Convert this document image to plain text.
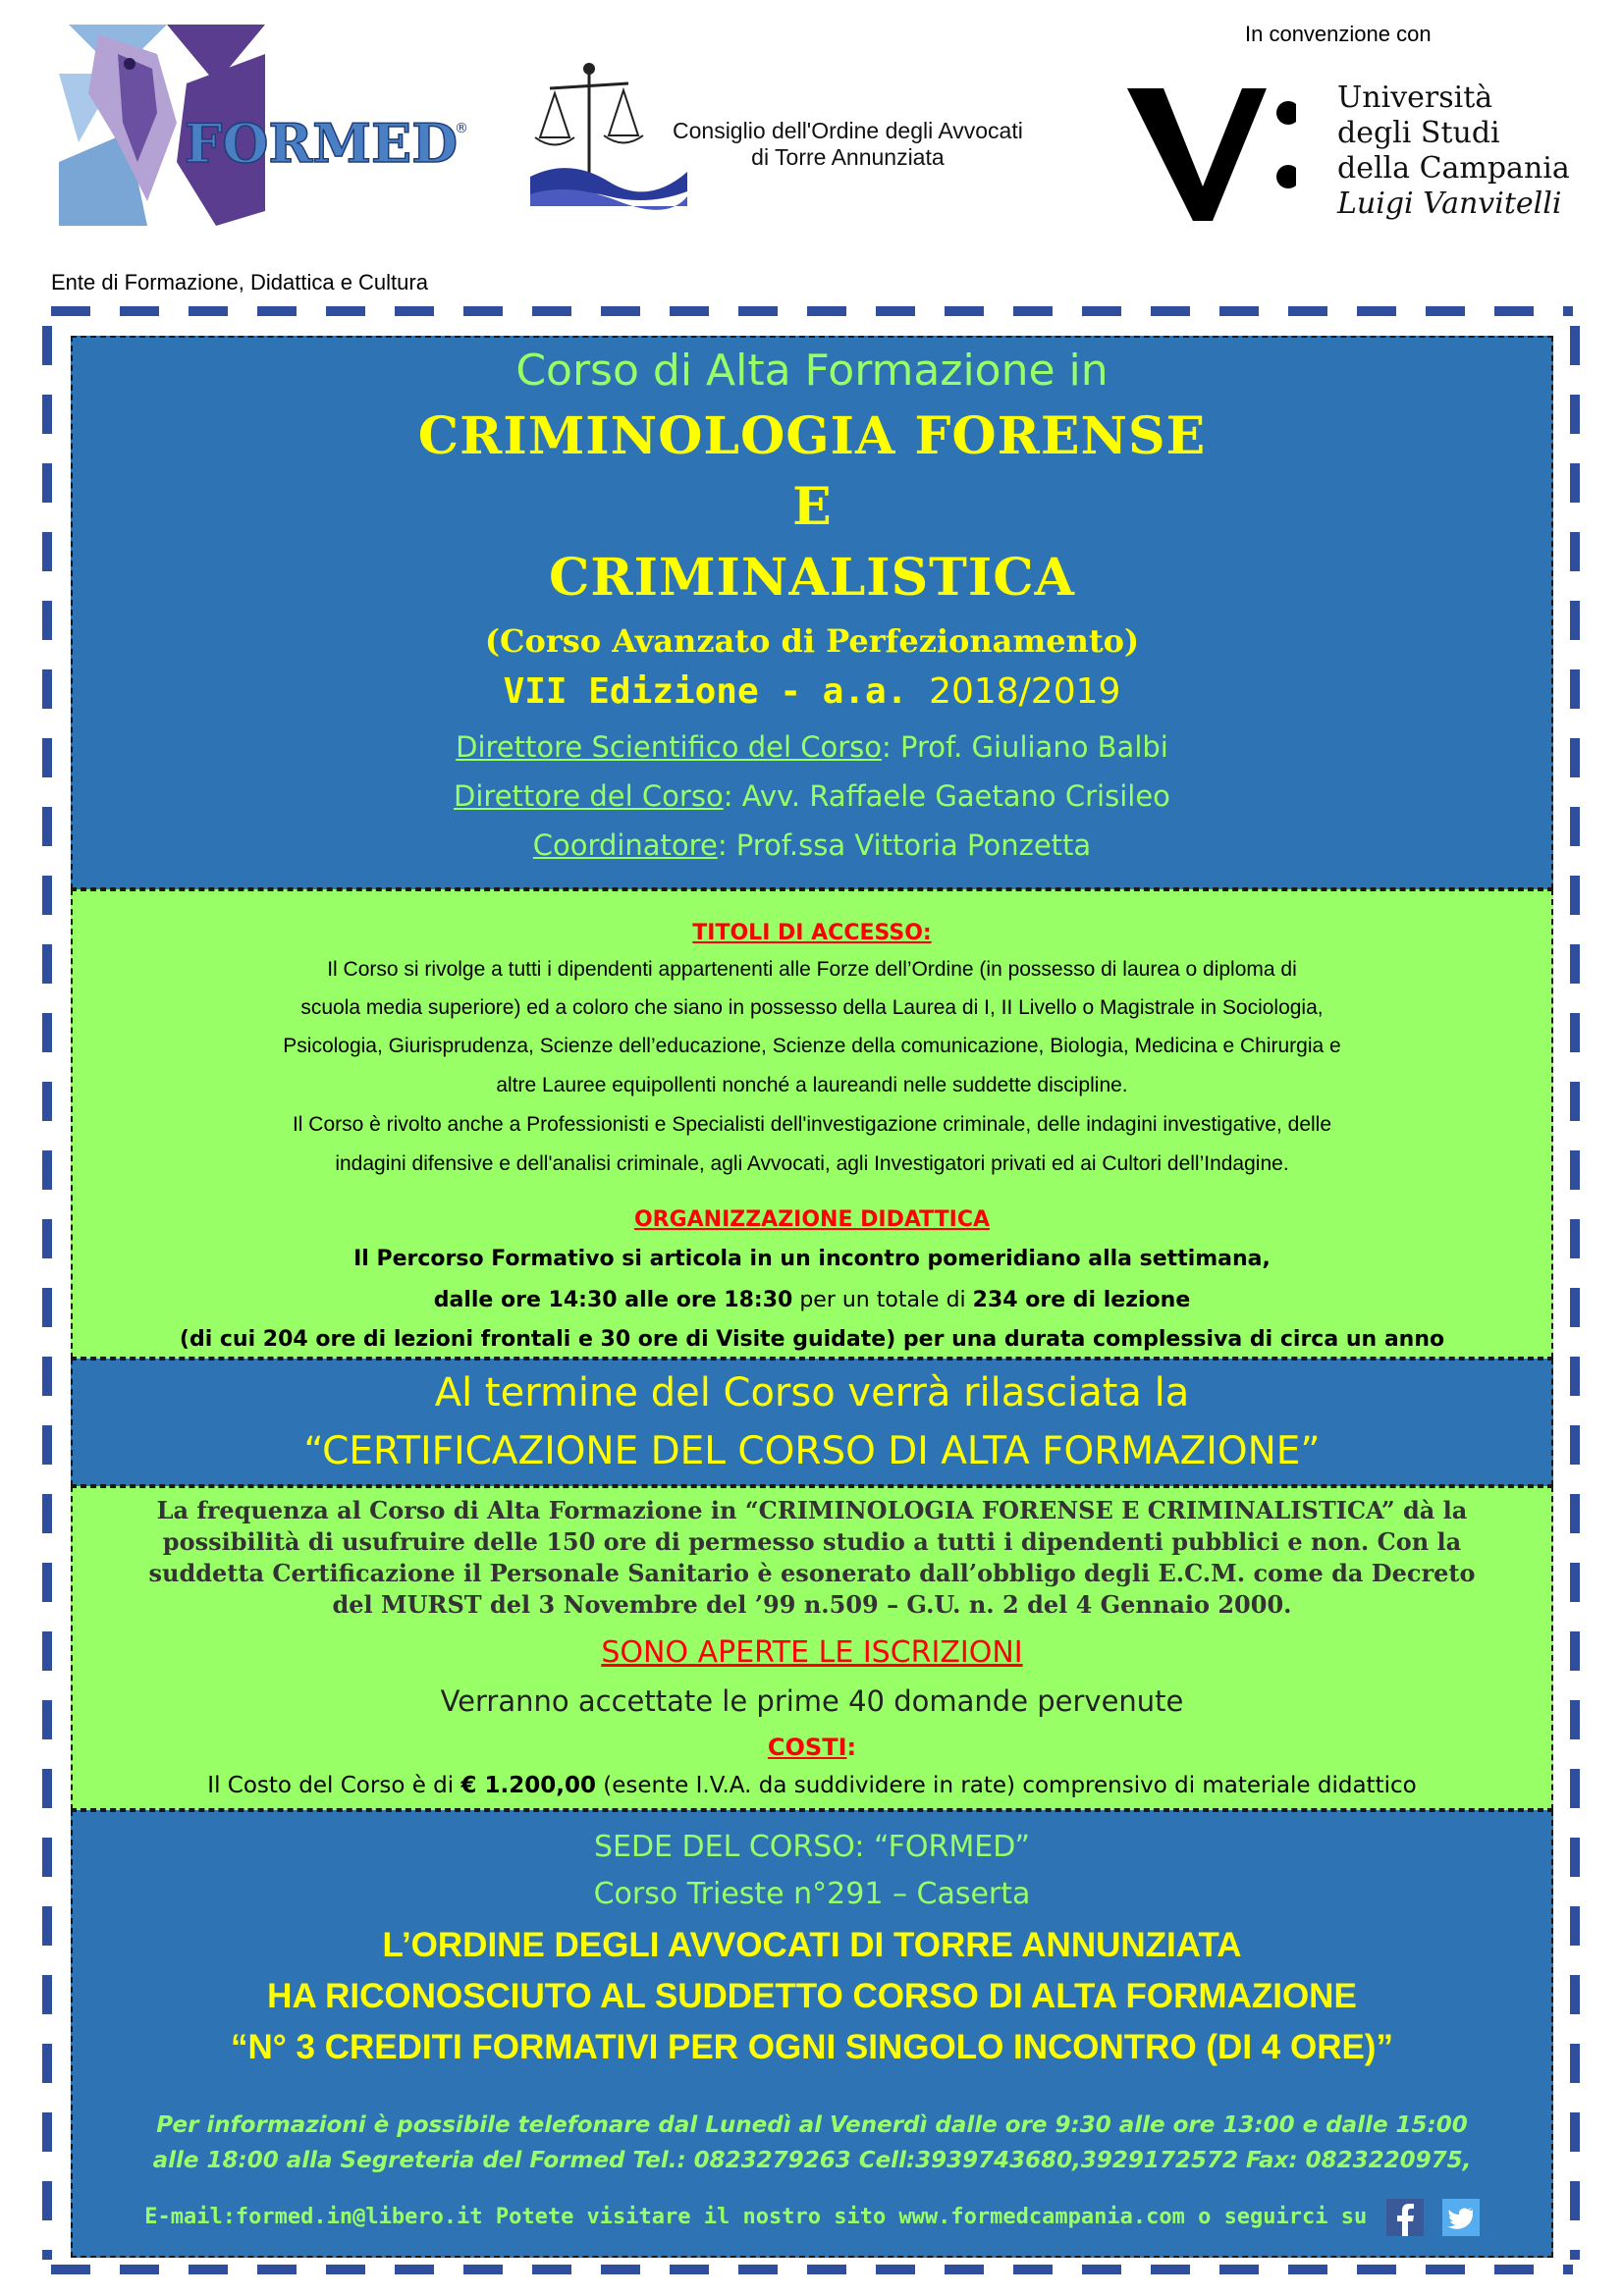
FORMED
®	Consiglio dell'Ordine degli Avvocati
di Torre Annunziata
In convenzione con
Università
degli Studi
della Campania
Luigi Vanvitelli
Ente di Formazione, Didattica e Cultura
Corso di Alta Formazione in
CRIMINOLOGIA FORENSE
E
CRIMINALISTICA
(Corso Avanzato di Perfezionamento)
VII Edizione - a.a. 2018/2019
Direttore Scientifico del Corso: Prof. Giuliano Balbi
Direttore del Corso: Avv. Raffaele Gaetano Crisileo
Coordinatore: Prof.ssa Vittoria Ponzetta
TITOLI DI ACCESSO:
Il Corso si rivolge a tutti i dipendenti appartenenti alle Forze dell’Ordine (in possesso di laurea o diploma di
scuola media superiore) ed a coloro che siano in possesso della Laurea di I, II Livello o Magistrale in Sociologia,
Psicologia, Giurisprudenza, Scienze dell’educazione, Scienze della comunicazione, Biologia, Medicina e Chirurgia e
altre Lauree equipollenti nonché a laureandi nelle suddette discipline.
Il Corso è rivolto anche a Professionisti e Specialisti dell'investigazione criminale, delle indagini investigative, delle
indagini difensive e dell'analisi criminale, agli Avvocati, agli Investigatori privati ed ai Cultori dell’Indagine.
ORGANIZZAZIONE DIDATTICA
Il Percorso Formativo si articola in un incontro pomeridiano alla settimana,
dalle ore 14:30 alle ore 18:30 per un totale di 234 ore di lezione
(di cui 204 ore di lezioni frontali e 30 ore di Visite guidate) per una durata complessiva di circa un anno
Al termine del Corso verrà rilasciata la
“CERTIFICAZIONE DEL CORSO DI ALTA FORMAZIONE”
La frequenza al Corso di Alta Formazione in “CRIMINOLOGIA FORENSE E CRIMINALISTICA” dà la
possibilità di usufruire delle 150 ore di permesso studio a tutti i dipendenti pubblici e non. Con la
suddetta Certificazione il Personale Sanitario è esonerato dall’obbligo degli E.C.M. come da Decreto
del MURST del 3 Novembre del ’99 n.509 – G.U. n. 2 del 4 Gennaio 2000.
SONO APERTE LE ISCRIZIONI
Verranno accettate le prime 40 domande pervenute
COSTI:
Il Costo del Corso è di € 1.200,00 (esente I.V.A. da suddividere in rate) comprensivo di materiale didattico
SEDE DEL CORSO: “FORMED”
Corso Trieste n°291 – Caserta
L’ORDINE DEGLI AVVOCATI DI TORRE ANNUNZIATA
HA RICONOSCIUTO AL SUDDETTO CORSO DI ALTA FORMAZIONE
“N° 3 CREDITI FORMATIVI PER OGNI SINGOLO INCONTRO (DI 4 ORE)”
Per informazioni è possibile telefonare dal Lunedì al Venerdì dalle ore 9:30 alle ore 13:00 e dalle 15:00
alle 18:00 alla Segreteria del Formed Tel.: 0823279263 Cell:3939743680,3929172572 Fax: 0823220975,
E-mail:formed.in@libero.it Potete visitare il nostro sito www.formedcampania.com o seguirci su
